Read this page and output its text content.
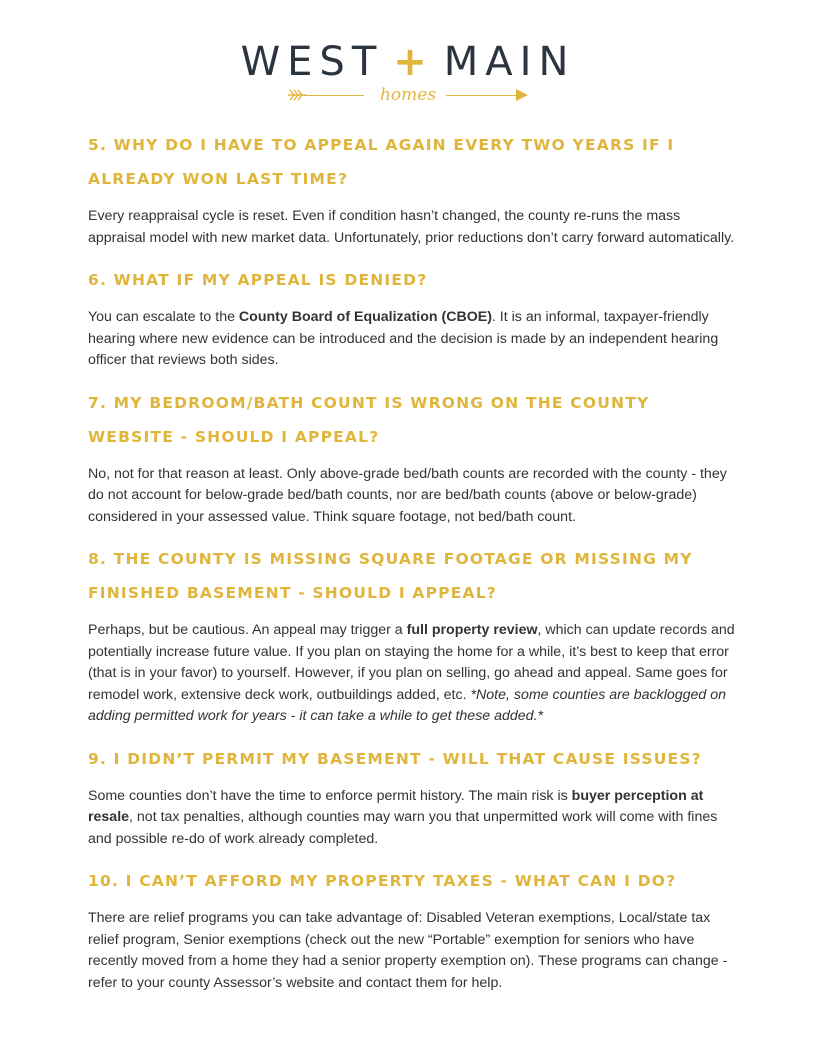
WEST + MAIN
homes
5. WHY DO I HAVE TO APPEAL AGAIN EVERY TWO YEARS IF I ALREADY WON LAST TIME?

Every reappraisal cycle is reset. Even if condition hasn’t changed, the county re-runs the mass appraisal model with new market data. Unfortunately, prior reductions don’t carry forward automatically.

6. WHAT IF MY APPEAL IS DENIED?

You can escalate to the County Board of Equalization (CBOE). It is an informal, taxpayer-friendly hearing where new evidence can be introduced and the decision is made by an independent hearing officer that reviews both sides.

7. MY BEDROOM/BATH COUNT IS WRONG ON THE COUNTY WEBSITE - SHOULD I APPEAL?

No, not for that reason at least. Only above-grade bed/bath counts are recorded with the county - they do not account for below-grade bed/bath counts, nor are bed/bath counts (above or below-grade) considered in your assessed value. Think square footage, not bed/bath count.

8. THE COUNTY IS MISSING SQUARE FOOTAGE OR MISSING MY FINISHED BASEMENT - SHOULD I APPEAL?

Perhaps, but be cautious. An appeal may trigger a full property review, which can update records and potentially increase future value. If you plan on staying the home for a while, it’s best to keep that error (that is in your favor) to yourself. However, if you plan on selling, go ahead and appeal. Same goes for remodel work, extensive deck work, outbuildings added, etc. *Note, some counties are backlogged on adding permitted work for years - it can take a while to get these added.*

9. I DIDN’T PERMIT MY BASEMENT - WILL THAT CAUSE ISSUES?

Some counties don’t have the time to enforce permit history. The main risk is buyer perception at resale, not tax penalties, although counties may warn you that unpermitted work will come with fines and possible re-do of work already completed.

10. I CAN’T AFFORD MY PROPERTY TAXES - WHAT CAN I DO?

There are relief programs you can take advantage of: Disabled Veteran exemptions, Local/state tax relief program, Senior exemptions (check out the new “Portable” exemption for seniors who have recently moved from a home they had a senior property exemption on). These programs can change - refer to your county Assessor’s website and contact them for help.
